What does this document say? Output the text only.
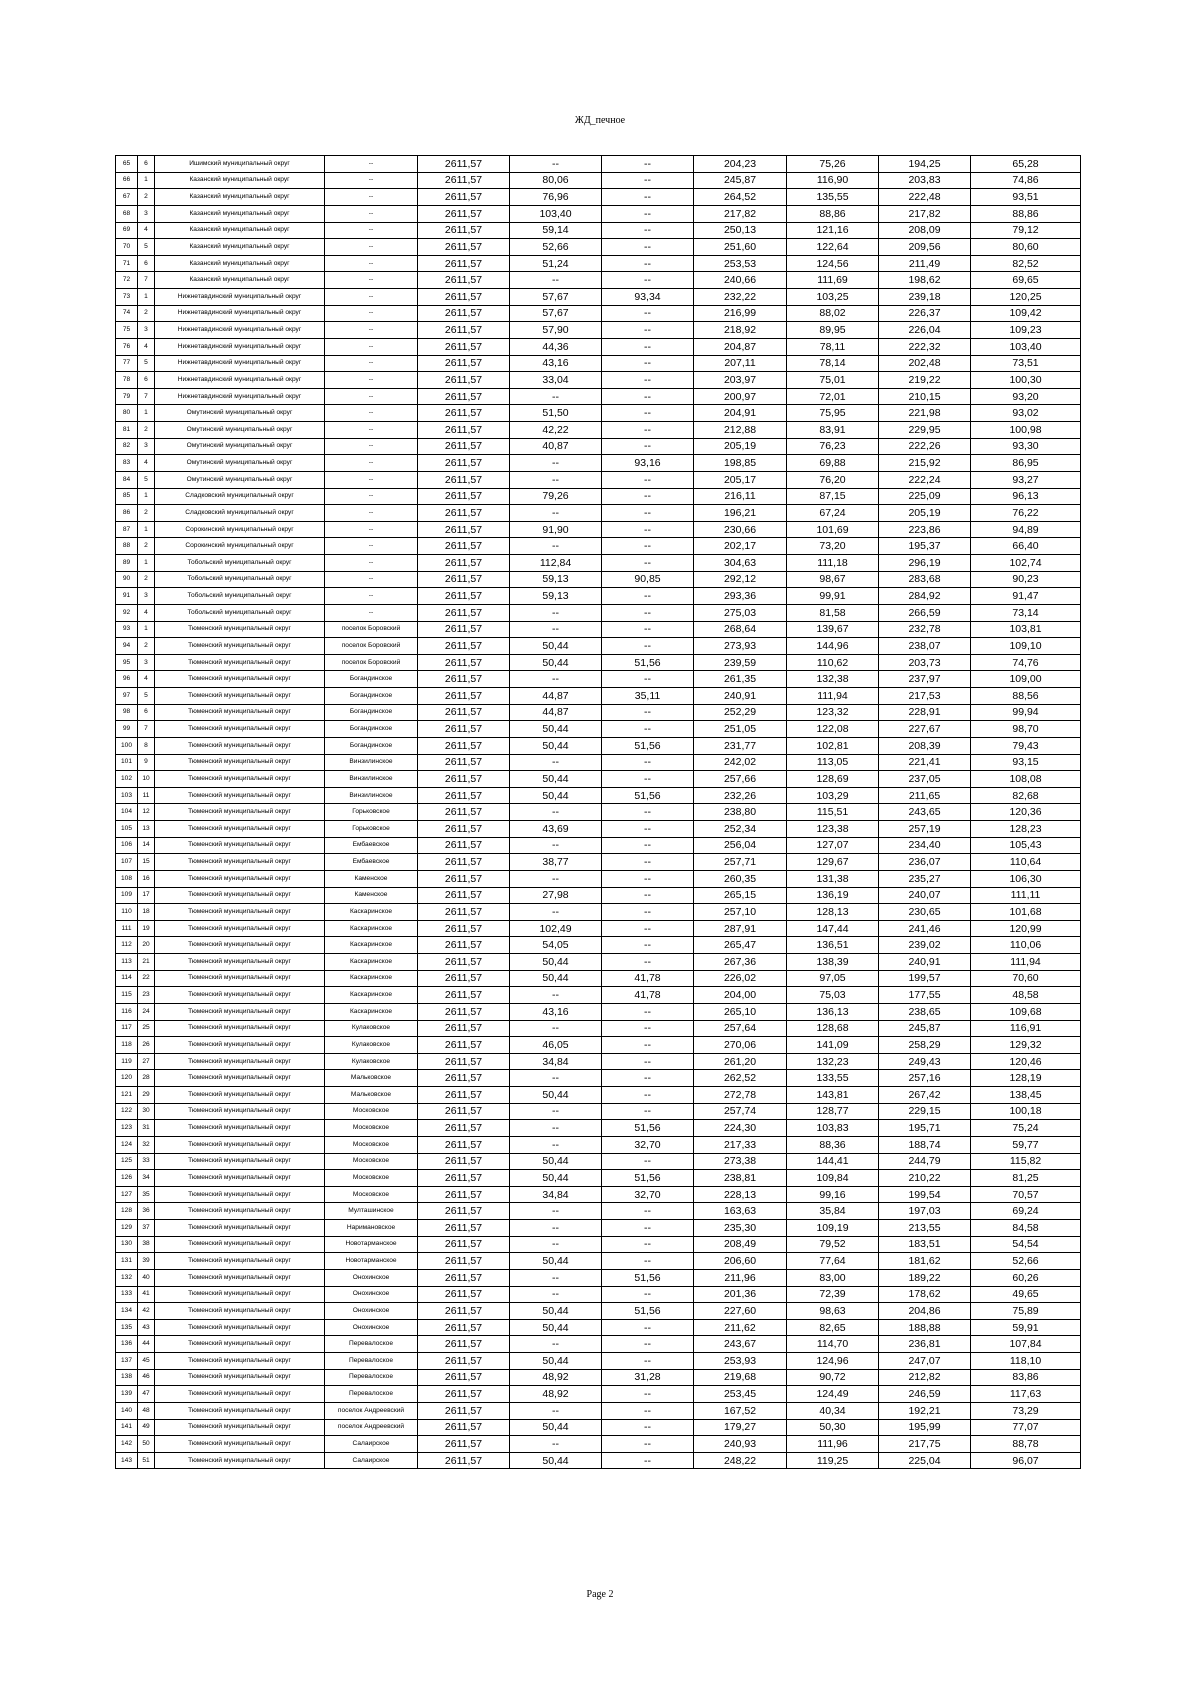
ЖД_печное
65	6	Ишимский муниципальный округ	--	2611,57	--	--	204,23	75,26	194,25	65,28
66	1	Казанский муниципальный округ	--	2611,57	80,06	--	245,87	116,90	203,83	74,86
67	2	Казанский муниципальный округ	--	2611,57	76,96	--	264,52	135,55	222,48	93,51
68	3	Казанский муниципальный округ	--	2611,57	103,40	--	217,82	88,86	217,82	88,86
69	4	Казанский муниципальный округ	--	2611,57	59,14	--	250,13	121,16	208,09	79,12
70	5	Казанский муниципальный округ	--	2611,57	52,66	--	251,60	122,64	209,56	80,60
71	6	Казанский муниципальный округ	--	2611,57	51,24	--	253,53	124,56	211,49	82,52
72	7	Казанский муниципальный округ	--	2611,57	--	--	240,66	111,69	198,62	69,65
73	1	Нижнетавдинский муниципальный округ	--	2611,57	57,67	93,34	232,22	103,25	239,18	120,25
74	2	Нижнетавдинский муниципальный округ	--	2611,57	57,67	--	216,99	88,02	226,37	109,42
75	3	Нижнетавдинский муниципальный округ	--	2611,57	57,90	--	218,92	89,95	226,04	109,23
76	4	Нижнетавдинский муниципальный округ	--	2611,57	44,36	--	204,87	78,11	222,32	103,40
77	5	Нижнетавдинский муниципальный округ	--	2611,57	43,16	--	207,11	78,14	202,48	73,51
78	6	Нижнетавдинский муниципальный округ	--	2611,57	33,04	--	203,97	75,01	219,22	100,30
79	7	Нижнетавдинский муниципальный округ	--	2611,57	--	--	200,97	72,01	210,15	93,20
80	1	Омутинский муниципальный округ	--	2611,57	51,50	--	204,91	75,95	221,98	93,02
81	2	Омутинский муниципальный округ	--	2611,57	42,22	--	212,88	83,91	229,95	100,98
82	3	Омутинский муниципальный округ	--	2611,57	40,87	--	205,19	76,23	222,26	93,30
83	4	Омутинский муниципальный округ	--	2611,57	--	93,16	198,85	69,88	215,92	86,95
84	5	Омутинский муниципальный округ	--	2611,57	--	--	205,17	76,20	222,24	93,27
85	1	Сладковский муниципальный округ	--	2611,57	79,26	--	216,11	87,15	225,09	96,13
86	2	Сладковский муниципальный округ	--	2611,57	--	--	196,21	67,24	205,19	76,22
87	1	Сорокинский муниципальный округ	--	2611,57	91,90	--	230,66	101,69	223,86	94,89
88	2	Сорокинский муниципальный округ	--	2611,57	--	--	202,17	73,20	195,37	66,40
89	1	Тобольский муниципальный округ	--	2611,57	112,84	--	304,63	111,18	296,19	102,74
90	2	Тобольский муниципальный округ	--	2611,57	59,13	90,85	292,12	98,67	283,68	90,23
91	3	Тобольский муниципальный округ	--	2611,57	59,13	--	293,36	99,91	284,92	91,47
92	4	Тобольский муниципальный округ	--	2611,57	--	--	275,03	81,58	266,59	73,14
93	1	Тюменский муниципальный округ	поселок Боровский	2611,57	--	--	268,64	139,67	232,78	103,81
94	2	Тюменский муниципальный округ	поселок Боровский	2611,57	50,44	--	273,93	144,96	238,07	109,10
95	3	Тюменский муниципальный округ	поселок Боровский	2611,57	50,44	51,56	239,59	110,62	203,73	74,76
96	4	Тюменский муниципальный округ	Богандинское	2611,57	--	--	261,35	132,38	237,97	109,00
97	5	Тюменский муниципальный округ	Богандинское	2611,57	44,87	35,11	240,91	111,94	217,53	88,56
98	6	Тюменский муниципальный округ	Богандинское	2611,57	44,87	--	252,29	123,32	228,91	99,94
99	7	Тюменский муниципальный округ	Богандинское	2611,57	50,44	--	251,05	122,08	227,67	98,70
100	8	Тюменский муниципальный округ	Богандинское	2611,57	50,44	51,56	231,77	102,81	208,39	79,43
101	9	Тюменский муниципальный округ	Винзилинское	2611,57	--	--	242,02	113,05	221,41	93,15
102	10	Тюменский муниципальный округ	Винзилинское	2611,57	50,44	--	257,66	128,69	237,05	108,08
103	11	Тюменский муниципальный округ	Винзилинское	2611,57	50,44	51,56	232,26	103,29	211,65	82,68
104	12	Тюменский муниципальный округ	Горьковское	2611,57	--	--	238,80	115,51	243,65	120,36
105	13	Тюменский муниципальный округ	Горьковское	2611,57	43,69	--	252,34	123,38	257,19	128,23
106	14	Тюменский муниципальный округ	Ембаевское	2611,57	--	--	256,04	127,07	234,40	105,43
107	15	Тюменский муниципальный округ	Ембаевское	2611,57	38,77	--	257,71	129,67	236,07	110,64
108	16	Тюменский муниципальный округ	Каменское	2611,57	--	--	260,35	131,38	235,27	106,30
109	17	Тюменский муниципальный округ	Каменское	2611,57	27,98	--	265,15	136,19	240,07	111,11
110	18	Тюменский муниципальный округ	Каскаринское	2611,57	--	--	257,10	128,13	230,65	101,68
111	19	Тюменский муниципальный округ	Каскаринское	2611,57	102,49	--	287,91	147,44	241,46	120,99
112	20	Тюменский муниципальный округ	Каскаринское	2611,57	54,05	--	265,47	136,51	239,02	110,06
113	21	Тюменский муниципальный округ	Каскаринское	2611,57	50,44	--	267,36	138,39	240,91	111,94
114	22	Тюменский муниципальный округ	Каскаринское	2611,57	50,44	41,78	226,02	97,05	199,57	70,60
115	23	Тюменский муниципальный округ	Каскаринское	2611,57	--	41,78	204,00	75,03	177,55	48,58
116	24	Тюменский муниципальный округ	Каскаринское	2611,57	43,16	--	265,10	136,13	238,65	109,68
117	25	Тюменский муниципальный округ	Кулаковское	2611,57	--	--	257,64	128,68	245,87	116,91
118	26	Тюменский муниципальный округ	Кулаковское	2611,57	46,05	--	270,06	141,09	258,29	129,32
119	27	Тюменский муниципальный округ	Кулаковское	2611,57	34,84	--	261,20	132,23	249,43	120,46
120	28	Тюменский муниципальный округ	Мальковское	2611,57	--	--	262,52	133,55	257,16	128,19
121	29	Тюменский муниципальный округ	Мальковское	2611,57	50,44	--	272,78	143,81	267,42	138,45
122	30	Тюменский муниципальный округ	Московское	2611,57	--	--	257,74	128,77	229,15	100,18
123	31	Тюменский муниципальный округ	Московское	2611,57	--	51,56	224,30	103,83	195,71	75,24
124	32	Тюменский муниципальный округ	Московское	2611,57	--	32,70	217,33	88,36	188,74	59,77
125	33	Тюменский муниципальный округ	Московское	2611,57	50,44	--	273,38	144,41	244,79	115,82
126	34	Тюменский муниципальный округ	Московское	2611,57	50,44	51,56	238,81	109,84	210,22	81,25
127	35	Тюменский муниципальный округ	Московское	2611,57	34,84	32,70	228,13	99,16	199,54	70,57
128	36	Тюменский муниципальный округ	Мулташинское	2611,57	--	--	163,63	35,84	197,03	69,24
129	37	Тюменский муниципальный округ	Наримановское	2611,57	--	--	235,30	109,19	213,55	84,58
130	38	Тюменский муниципальный округ	Новотарманское	2611,57	--	--	208,49	79,52	183,51	54,54
131	39	Тюменский муниципальный округ	Новотарманское	2611,57	50,44	--	206,60	77,64	181,62	52,66
132	40	Тюменский муниципальный округ	Онохинское	2611,57	--	51,56	211,96	83,00	189,22	60,26
133	41	Тюменский муниципальный округ	Онохинское	2611,57	--	--	201,36	72,39	178,62	49,65
134	42	Тюменский муниципальный округ	Онохинское	2611,57	50,44	51,56	227,60	98,63	204,86	75,89
135	43	Тюменский муниципальный округ	Онохинское	2611,57	50,44	--	211,62	82,65	188,88	59,91
136	44	Тюменский муниципальный округ	Перевалоское	2611,57	--	--	243,67	114,70	236,81	107,84
137	45	Тюменский муниципальный округ	Перевалоское	2611,57	50,44	--	253,93	124,96	247,07	118,10
138	46	Тюменский муниципальный округ	Перевалоское	2611,57	48,92	31,28	219,68	90,72	212,82	83,86
139	47	Тюменский муниципальный округ	Перевалоское	2611,57	48,92	--	253,45	124,49	246,59	117,63
140	48	Тюменский муниципальный округ	поселок Андреевский	2611,57	--	--	167,52	40,34	192,21	73,29
141	49	Тюменский муниципальный округ	поселок Андреевский	2611,57	50,44	--	179,27	50,30	195,99	77,07
142	50	Тюменский муниципальный округ	Салаирское	2611,57	--	--	240,93	111,96	217,75	88,78
143	51	Тюменский муниципальный округ	Салаирское	2611,57	50,44	--	248,22	119,25	225,04	96,07
Page 2
